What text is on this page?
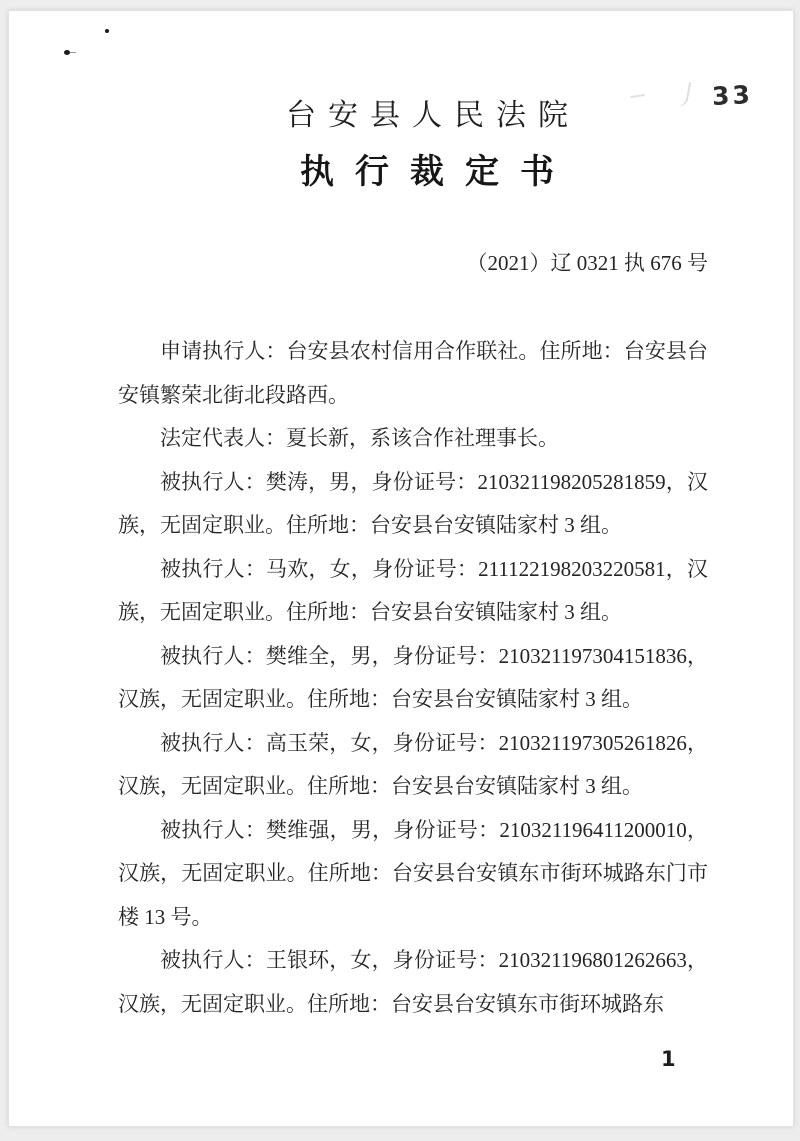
33
台安县人民法院
执行裁定书
（2021）辽 0321 执 676 号

申请执行人：台安县农村信用合作联社。住所地：台安县台安镇繁荣北街北段路西。

法定代表人：夏长新，系该合作社理事长。

被执行人：樊涛，男，身份证号：210321198205281859，汉族，无固定职业。住所地：台安县台安镇陆家村 3 组。

被执行人：马欢，女，身份证号：211122198203220581，汉族，无固定职业。住所地：台安县台安镇陆家村 3 组。

被执行人：樊维全，男，身份证号：210321197304151836，汉族，无固定职业。住所地：台安县台安镇陆家村 3 组。

被执行人：高玉荣，女，身份证号：210321197305261826，汉族，无固定职业。住所地：台安县台安镇陆家村 3 组。

被执行人：樊维强，男，身份证号：210321196411200010，汉族，无固定职业。住所地：台安县台安镇东市街环城路东门市楼 13 号。

被执行人：王银环，女，身份证号：210321196801262663，汉族，无固定职业。住所地：台安县台安镇东市街环城路东

1
